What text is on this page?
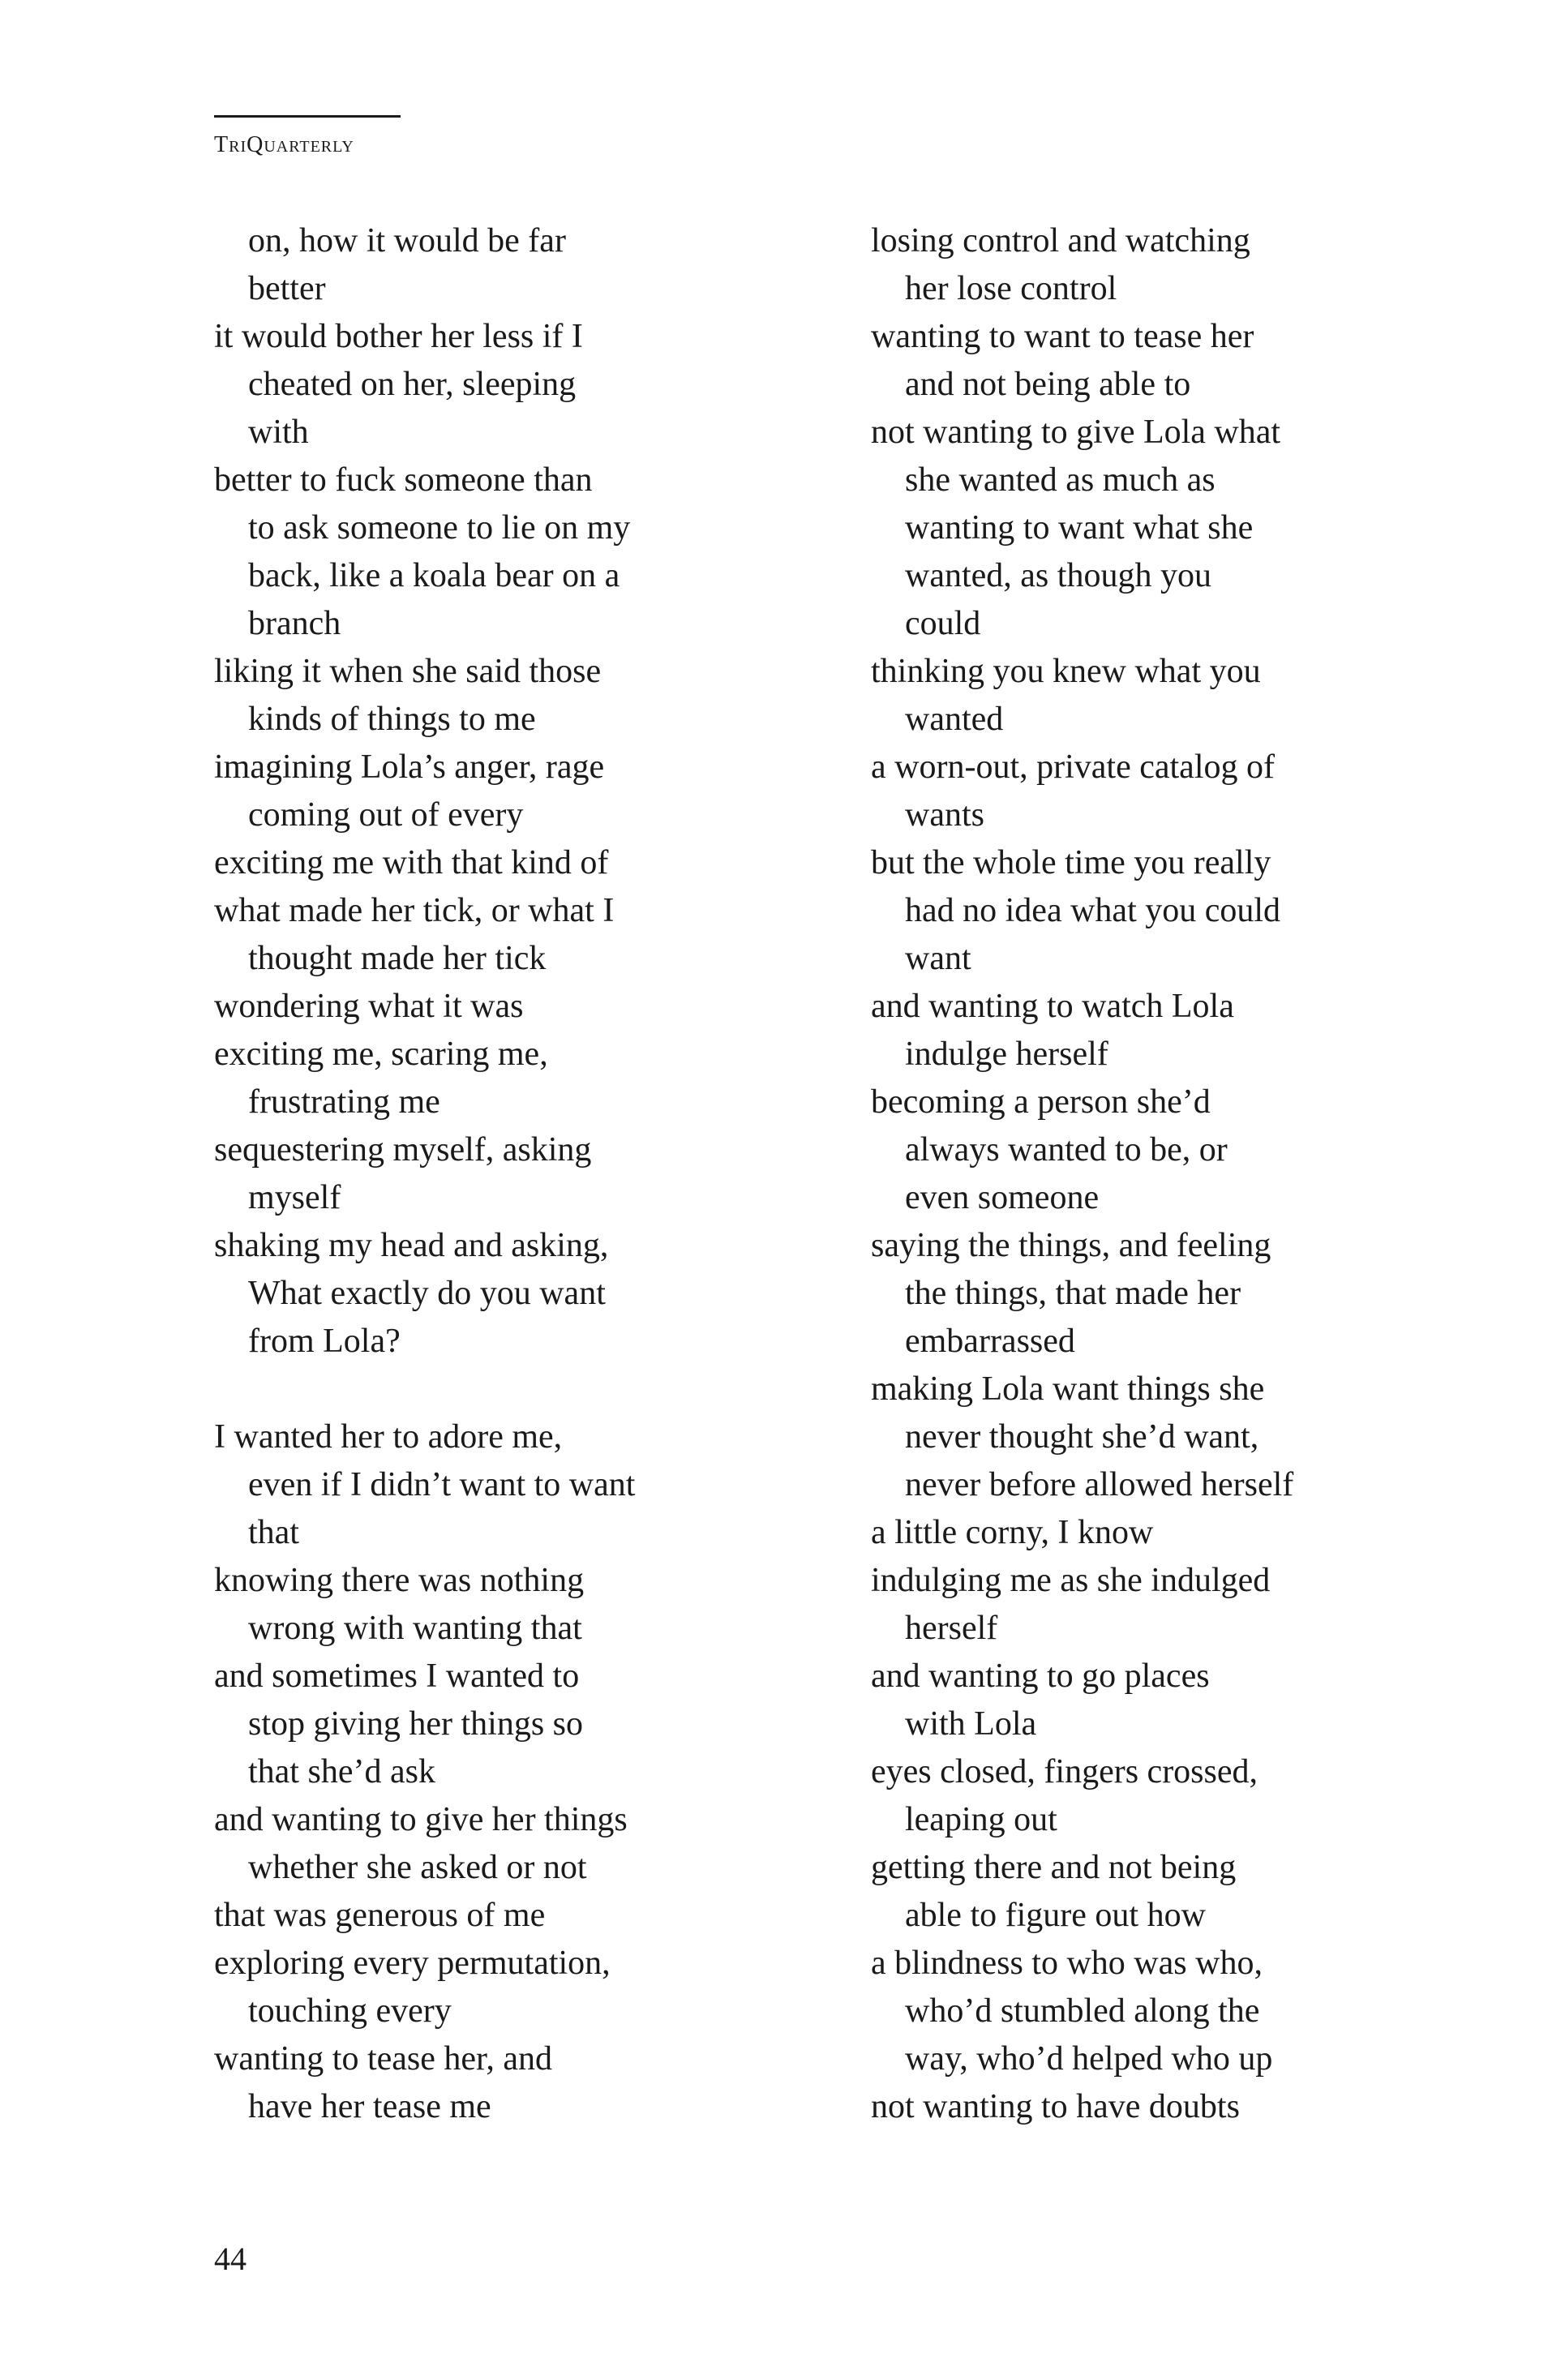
TriQuarterly
on, how it would be far
better
it would bother her less if I
cheated on her, sleeping
with
better to fuck someone than
to ask someone to lie on my
back, like a koala bear on a
branch
liking it when she said those
kinds of things to me
imagining Lola’s anger, rage
coming out of every
exciting me with that kind of
what made her tick, or what I
thought made her tick
wondering what it was
exciting me, scaring me,
frustrating me
sequestering myself, asking
myself
shaking my head and asking,
What exactly do you want
from Lola?
I wanted her to adore me,
even if I didn’t want to want
that
knowing there was nothing
wrong with wanting that
and sometimes I wanted to
stop giving her things so
that she’d ask
and wanting to give her things
whether she asked or not
that was generous of me
exploring every permutation,
touching every
wanting to tease her, and
have her tease me
losing control and watching
her lose control
wanting to want to tease her
and not being able to
not wanting to give Lola what
she wanted as much as
wanting to want what she
wanted, as though you
could
thinking you knew what you
wanted
a worn-out, private catalog of
wants
but the whole time you really
had no idea what you could
want
and wanting to watch Lola
indulge herself
becoming a person she’d
always wanted to be, or
even someone
saying the things, and feeling
the things, that made her
embarrassed
making Lola want things she
never thought she’d want,
never before allowed herself
a little corny, I know
indulging me as she indulged
herself
and wanting to go places
with Lola
eyes closed, fingers crossed,
leaping out
getting there and not being
able to figure out how
a blindness to who was who,
who’d stumbled along the
way, who’d helped who up
not wanting to have doubts
44
